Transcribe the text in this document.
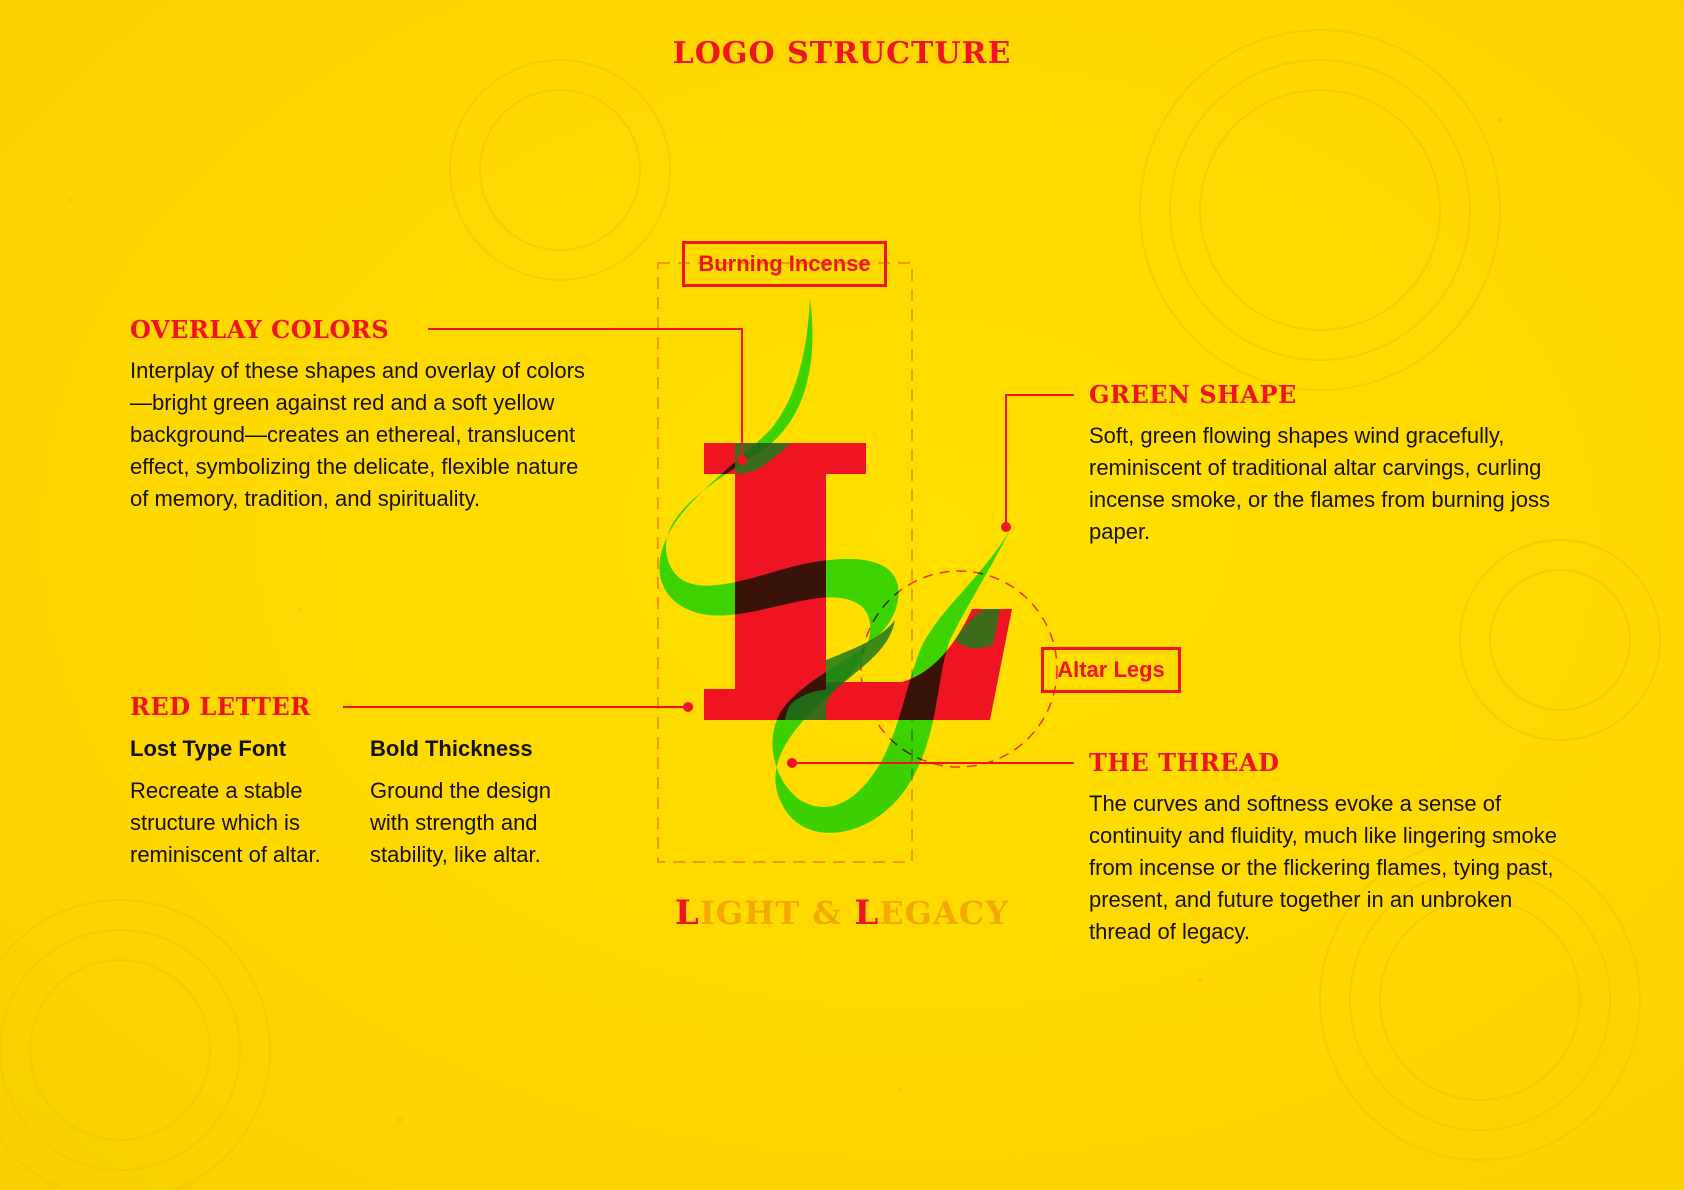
LOGO STRUCTURE
Burning Incense
Altar Legs
OVERLAY COLORS

Interplay of these shapes and overlay of colors—bright green against red and a soft yellow background—creates an ethereal, translucent effect, symbolizing the delicate, flexible nature of memory, tradition, and spirituality.

RED LETTER
Lost Type Font

Recreate a stable structure which is reminiscent of altar.

Bold Thickness

Ground the design with strength and stability, like altar.

GREEN SHAPE

Soft, green flowing shapes wind gracefully, reminiscent of traditional altar carvings, curling incense smoke, or the flames from burning joss paper.

THE THREAD

The curves and softness evoke a sense of continuity and fluidity, much like lingering smoke from incense or the flickering flames, tying past, present, and future together in an unbroken thread of legacy.

LIGHT & LEGACY
